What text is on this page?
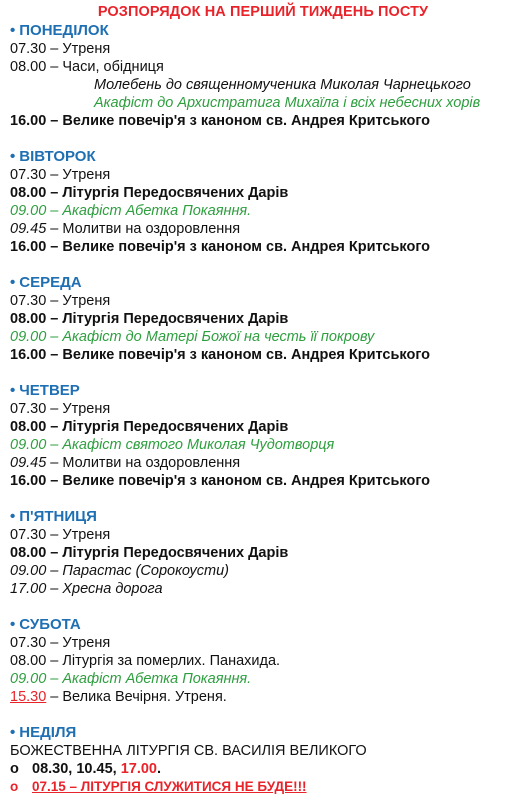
РОЗПОРЯДОК НА ПЕРШИЙ ТИЖДЕНЬ ПОСТУ
• ПОНЕДІЛОК
07.30 – Утреня
08.00 – Часи, обідниця
Молебень до священномученика Миколая Чарнецького
Акафіст до Архистратига Михаїла і всіх небесних хорів
16.00 – Велике повечір'я з каноном св. Андрея Критського
• ВІВТОРОК
07.30 – Утреня
08.00 – Літургія Передосвячених Дарів
09.00 – Акафіст Абетка Покаяння.
09.45 – Молитви на оздоровлення
16.00 – Велике повечір'я з каноном св. Андрея Критського
• СЕРЕДА
07.30 – Утреня
08.00 – Літургія Передосвячених Дарів
09.00 – Акафіст до Матері Божої на честь її покрову
16.00 – Велике повечір'я з каноном св. Андрея Критського
• ЧЕТВЕР
07.30 – Утреня
08.00 – Літургія Передосвячених Дарів
09.00 – Акафіст святого Миколая Чудотворця
09.45 – Молитви на оздоровлення
16.00 – Велике повечір'я з каноном св. Андрея Критського
• П'ЯТНИЦЯ
07.30 – Утреня
08.00 – Літургія Передосвячених Дарів
09.00 – Парастас (Сорокоусти)
17.00 – Хресна дорога
• СУБОТА
07.30 – Утреня
08.00 – Літургія за померлих. Панахида.
09.00 – Акафіст Абетка Покаяння.
15.30 – Велика Вечірня. Утреня.
• НЕДІЛЯ
БОЖЕСТВЕННА ЛІТУРГІЯ СВ. ВАСИЛІЯ ВЕЛИКОГО
о 08.30, 10.45, 17.00.
о 07.15 – ЛІТУРГІЯ СЛУЖИТИСЯ НЕ БУДЕ!!!
